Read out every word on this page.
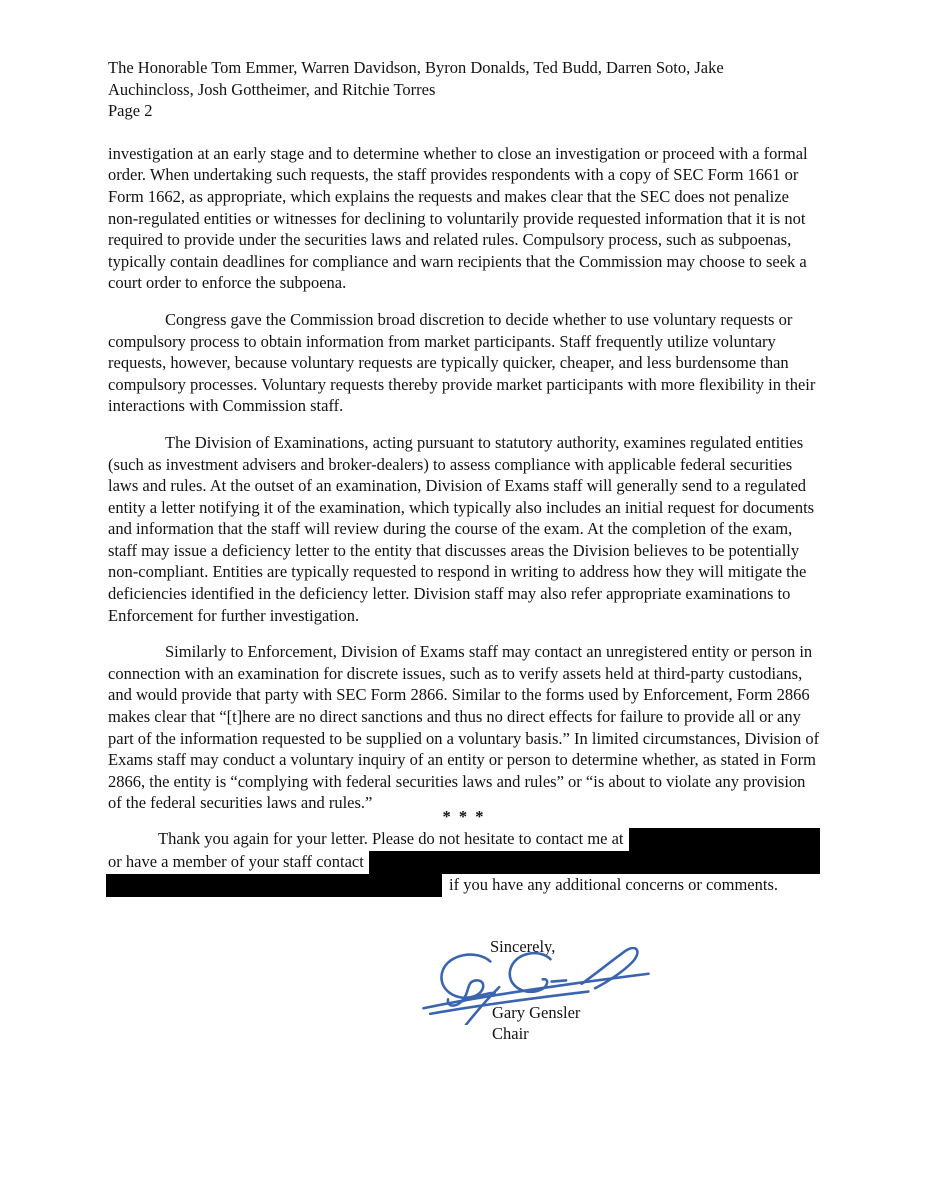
The Honorable Tom Emmer, Warren Davidson, Byron Donalds, Ted Budd, Darren Soto, Jake
Auchincloss, Josh Gottheimer, and Ritchie Torres
Page 2

investigation at an early stage and to determine whether to close an investigation or proceed with a formal order. When undertaking such requests, the staff provides respondents with a copy of SEC Form 1661 or Form 1662, as appropriate, which explains the requests and makes clear that the SEC does not penalize non-regulated entities or witnesses for declining to voluntarily provide requested information that it is not required to provide under the securities laws and related rules. Compulsory process, such as subpoenas, typically contain deadlines for compliance and warn recipients that the Commission may choose to seek a court order to enforce the subpoena.

Congress gave the Commission broad discretion to decide whether to use voluntary requests or compulsory process to obtain information from market participants. Staff frequently utilize voluntary requests, however, because voluntary requests are typically quicker, cheaper, and less burdensome than compulsory processes. Voluntary requests thereby provide market participants with more flexibility in their interactions with Commission staff.

The Division of Examinations, acting pursuant to statutory authority, examines regulated entities (such as investment advisers and broker-dealers) to assess compliance with applicable federal securities laws and rules. At the outset of an examination, Division of Exams staff will generally send to a regulated entity a letter notifying it of the examination, which typically also includes an initial request for documents and information that the staff will review during the course of the exam. At the completion of the exam, staff may issue a deficiency letter to the entity that discusses areas the Division believes to be potentially non-compliant. Entities are typically requested to respond in writing to address how they will mitigate the deficiencies identified in the deficiency letter. Division staff may also refer appropriate examinations to Enforcement for further investigation.

Similarly to Enforcement, Division of Exams staff may contact an unregistered entity or person in connection with an examination for discrete issues, such as to verify assets held at third-party custodians, and would provide that party with SEC Form 2866. Similar to the forms used by Enforcement, Form 2866 makes clear that “[t]here are no direct sanctions and thus no direct effects for failure to provide all or any part of the information requested to be supplied on a voluntary basis.” In limited circumstances, Division of Exams staff may conduct a voluntary inquiry of an entity or person to determine whether, as stated in Form 2866, the entity is “complying with federal securities laws and rules” or “is about to violate any provision of the federal securities laws and rules.”

* * *
Thank you again for your letter. Please do not hesitate to contact me at
or have a member of your staff contact
if you have any additional concerns or comments.
Sincerely,
Gary Gensler
Chair
